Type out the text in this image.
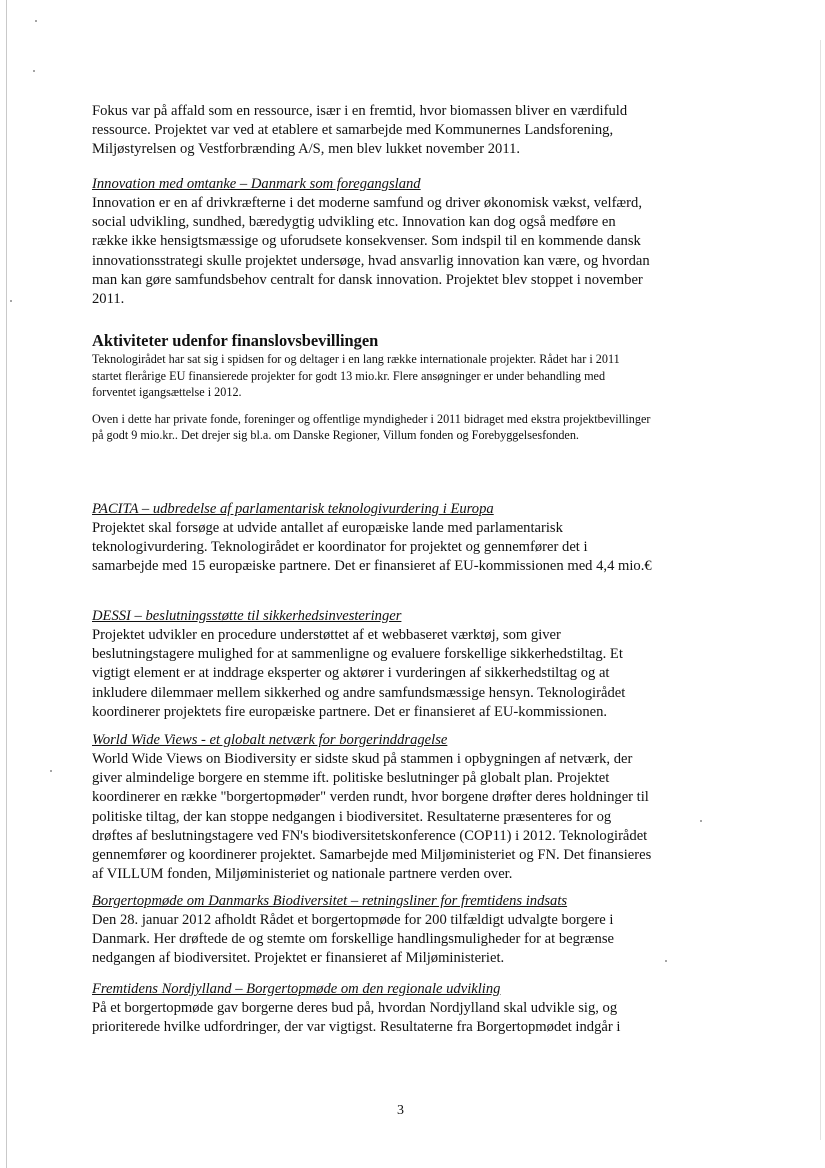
Fokus var på affald som en ressource, især i en fremtid, hvor biomassen bliver en værdifuld ressource. Projektet var ved at etablere et samarbejde med Kommunernes Landsforening, Miljøstyrelsen og Vestforbrænding A/S, men blev lukket november 2011.

Innovation med omtanke – Danmark som foregangsland

Innovation er en af drivkræfterne i det moderne samfund og driver økonomisk vækst, velfærd, social udvikling, sundhed, bæredygtig udvikling etc. Innovation kan dog også medføre en række ikke hensigtsmæssige og uforudsete konsekvenser. Som indspil til en kommende dansk innovationsstrategi skulle projektet undersøge, hvad ansvarlig innovation kan være, og hvordan man kan gøre samfundsbehov centralt for dansk innovation. Projektet blev stoppet i november 2011.

Aktiviteter udenfor finanslovsbevillingen

Teknologirådet har sat sig i spidsen for og deltager i en lang række internationale projekter. Rådet har i 2011 startet flerårige EU finansierede projekter for godt 13 mio.kr. Flere ansøgninger er under behandling med forventet igangsættelse i 2012.

Oven i dette har private fonde, foreninger og offentlige myndigheder i 2011 bidraget med ekstra projektbevillinger på godt 9 mio.kr.. Det drejer sig bl.a. om Danske Regioner, Villum fonden og Forebyggelsesfonden.

PACITA – udbredelse af parlamentarisk teknologivurdering i Europa

Projektet skal forsøge at udvide antallet af europæiske lande med parlamentarisk teknologivurdering. Teknologirådet er koordinator for projektet og gennemfører det i samarbejde med 15 europæiske partnere. Det er finansieret af EU-kommissionen med 4,4 mio.€

DESSI – beslutningsstøtte til sikkerhedsinvesteringer

Projektet udvikler en procedure understøttet af et webbaseret værktøj, som giver beslutningstagere mulighed for at sammenligne og evaluere forskellige sikkerhedstiltag. Et vigtigt element er at inddrage eksperter og aktører i vurderingen af sikkerhedstiltag og at inkludere dilemmaer mellem sikkerhed og andre samfundsmæssige hensyn. Teknologirådet koordinerer projektets fire europæiske partnere. Det er finansieret af EU-kommissionen.

World Wide Views - et globalt netværk for borgerinddragelse

World Wide Views on Biodiversity er sidste skud på stammen i opbygningen af netværk, der giver almindelige borgere en stemme ift. politiske beslutninger på globalt plan. Projektet koordinerer en række "borgertopmøder" verden rundt, hvor borgene drøfter deres holdninger til politiske tiltag, der kan stoppe nedgangen i biodiversitet. Resultaterne præsenteres for og drøftes af beslutningstagere ved FN's biodiversitetskonference (COP11) i 2012. Teknologirådet gennemfører og koordinerer projektet. Samarbejde med Miljøministeriet og FN. Det finansieres af VILLUM fonden, Miljøministeriet og nationale partnere verden over.

Borgertopmøde om Danmarks Biodiversitet – retningsliner for fremtidens indsats

Den 28. januar 2012 afholdt Rådet et borgertopmøde for 200 tilfældigt udvalgte borgere i Danmark. Her drøftede de og stemte om forskellige handlingsmuligheder for at begrænse nedgangen af biodiversitet. Projektet er finansieret af Miljøministeriet.

Fremtidens Nordjylland – Borgertopmøde om den regionale udvikling

På et borgertopmøde gav borgerne deres bud på, hvordan Nordjylland skal udvikle sig, og prioriterede hvilke udfordringer, der var vigtigst. Resultaterne fra Borgertopmødet indgår i

3
